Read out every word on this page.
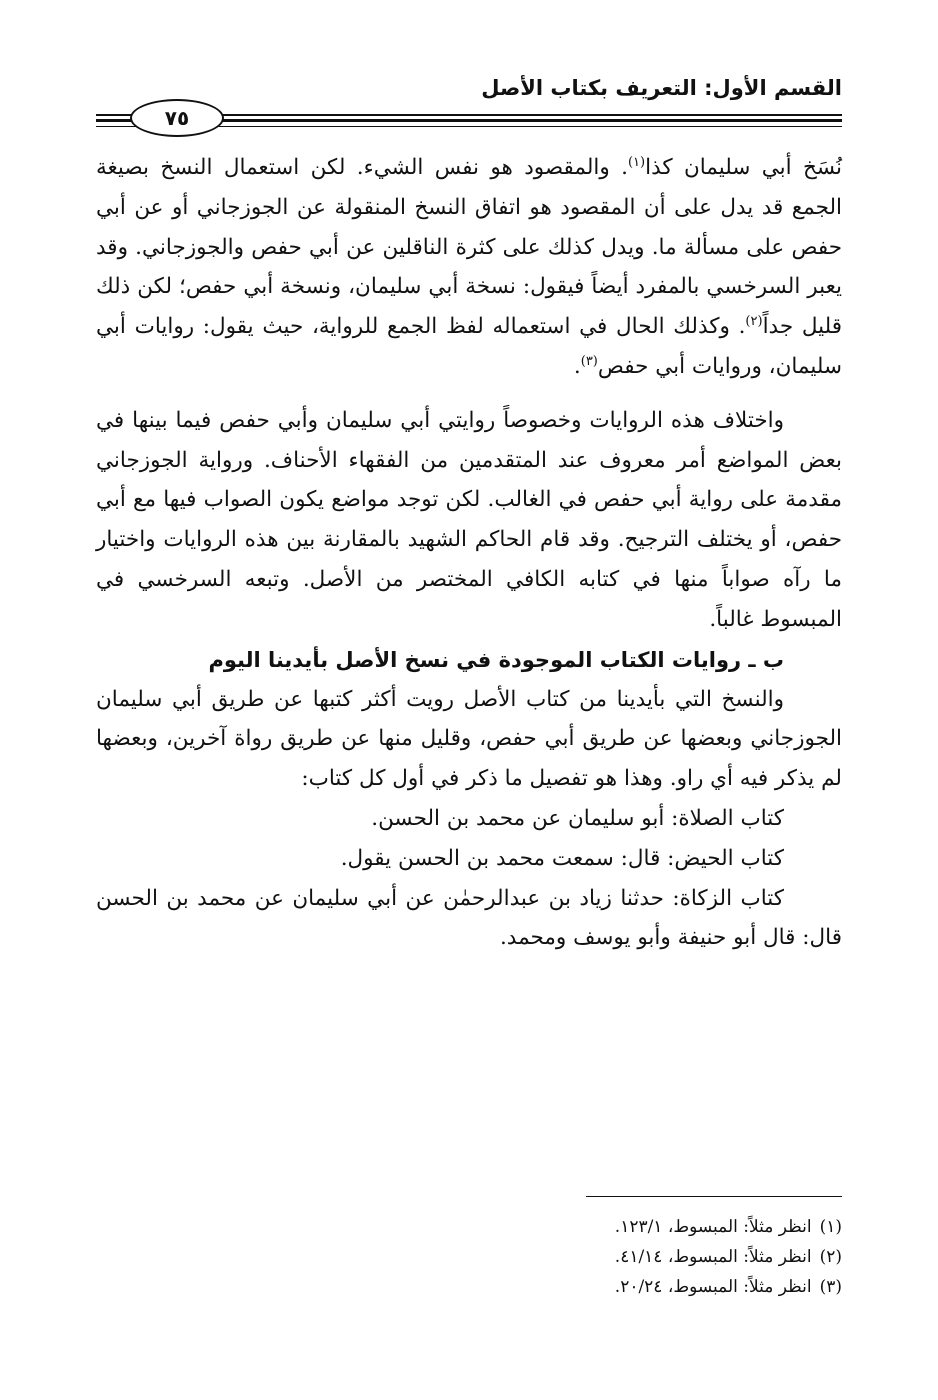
القسم الأول: التعريف بكتاب الأصل
٧٥

نُسَخ أبي سليمان كذا$^{(١)}$. والمقصود هو نفس الشيء. لكن استعمال النسخ بصيغة الجمع قد يدل على أن المقصود هو اتفاق النسخ المنقولة عن الجوزجاني أو عن أبي حفص على مسألة ما. ويدل كذلك على كثرة الناقلين عن أبي حفص والجوزجاني. وقد يعبر السرخسي بالمفرد أيضاً فيقول: نسخة أبي سليمان، ونسخة أبي حفص؛ لكن ذلك قليل جداً$^{(٢)}$. وكذلك الحال في استعماله لفظ الجمع للرواية، حيث يقول: روايات أبي سليمان، وروايات أبي حفص$^{(٣)}$.

واختلاف هذه الروايات وخصوصاً روايتي أبي سليمان وأبي حفص فيما بينها في بعض المواضع أمر معروف عند المتقدمين من الفقهاء الأحناف. ورواية الجوزجاني مقدمة على رواية أبي حفص في الغالب. لكن توجد مواضع يكون الصواب فيها مع أبي حفص، أو يختلف الترجيح. وقد قام الحاكم الشهيد بالمقارنة بين هذه الروايات واختيار ما رآه صواباً منها في كتابه الكافي المختصر من الأصل. وتبعه السرخسي في المبسوط غالباً.

ب ـ روايات الكتاب الموجودة في نسخ الأصل بأيدينا اليوم

والنسخ التي بأيدينا من كتاب الأصل رويت أكثر كتبها عن طريق أبي سليمان الجوزجاني وبعضها عن طريق أبي حفص، وقليل منها عن طريق رواة آخرين، وبعضها لم يذكر فيه أي راو. وهذا هو تفصيل ما ذكر في أول كل كتاب:

كتاب الصلاة: أبو سليمان عن محمد بن الحسن.

كتاب الحيض: قال: سمعت محمد بن الحسن يقول.

كتاب الزكاة: حدثنا زياد بن عبدالرحمٰن عن أبي سليمان عن محمد بن الحسن قال: قال أبو حنيفة وأبو يوسف ومحمد.

(١)انظر مثلاً: المبسوط، ١٢٣/١.
(٢)انظر مثلاً: المبسوط، ٤١/١٤.
(٣)انظر مثلاً: المبسوط، ٢٠/٢٤.
